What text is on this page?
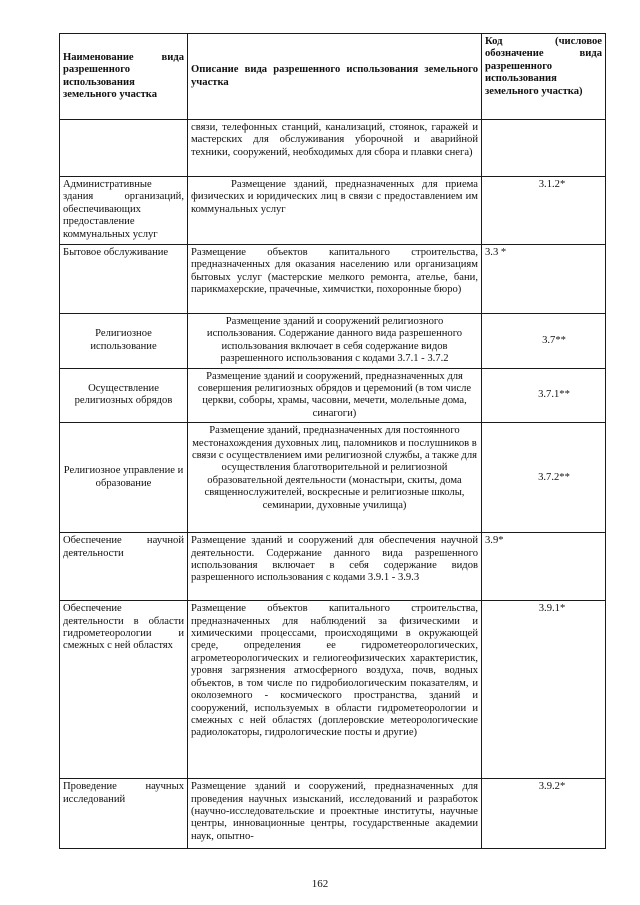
Наименование вида разрешенного использования земельного участка	Описание вида разрешенного использования земельного участка	Код (числовое обозначение вида разрешенного использования земельного участка)
	связи, телефонных станций, канализаций, стоянок, гаражей и мастерских для обслуживания уборочной и аварийной техники, сооружений, необходимых для сбора и плавки снега)	
Административные здания организаций, обеспечивающих предоставление коммунальных услуг	Размещение зданий, предназначенных для приема физических и юридических лиц в связи с предоставлением им коммунальных услуг	3.1.2*
Бытовое обслуживание	Размещение объектов капитального строительства, предназначенных для оказания населению или организациям бытовых услуг (мастерские мелкого ремонта, ателье, бани, парикмахерские, прачечные, химчистки, похоронные бюро)	3.3 *
Религиозное использование	Размещение зданий и сооружений религиозного использования. Содержание данного вида разрешенного использования включает в себя содержание видов разрешенного использования с кодами 3.7.1 - 3.7.2	3.7**
Осуществление религиозных обрядов	Размещение зданий и сооружений, предназначенных для совершения религиозных обрядов и церемоний (в том числе церкви, соборы, храмы, часовни, мечети, молельные дома, синагоги)	3.7.1**
Религиозное управление и образование	Размещение зданий, предназначенных для постоянного местонахождения духовных лиц, паломников и послушников в связи с осуществлением ими религиозной службы, а также для осуществления благотворительной и религиозной образовательной деятельности (монастыри, скиты, дома священнослужителей, воскресные и религиозные школы, семинарии, духовные училища)	3.7.2**
Обеспечение научной деятельности	Размещение зданий и сооружений для обеспечения научной деятельности. Содержание данного вида разрешенного использования включает в себя содержание видов разрешенного использования с кодами 3.9.1 - 3.9.3	3.9*
Обеспечение деятельности в области гидрометеорологии и смежных с ней областях	Размещение объектов капитального строительства, предназначенных для наблюдений за физическими и химическими процессами, происходящими в окружающей среде, определения ее гидрометеорологических, агрометеорологических и гелиогеофизических характеристик, уровня загрязнения атмосферного воздуха, почв, водных объектов, в том числе по гидробиологическим показателям, и околоземного - космического пространства, зданий и сооружений, используемых в области гидрометеорологии и смежных с ней областях (доплеровские метеорологические радиолокаторы, гидрологические посты и другие)	3.9.1*
Проведение научных исследований	Размещение зданий и сооружений, предназначенных для проведения научных изысканий, исследований и разработок (научно-исследовательские и проектные институты, научные центры, инновационные центры, государственные академии наук, опытно-	3.9.2*
162
